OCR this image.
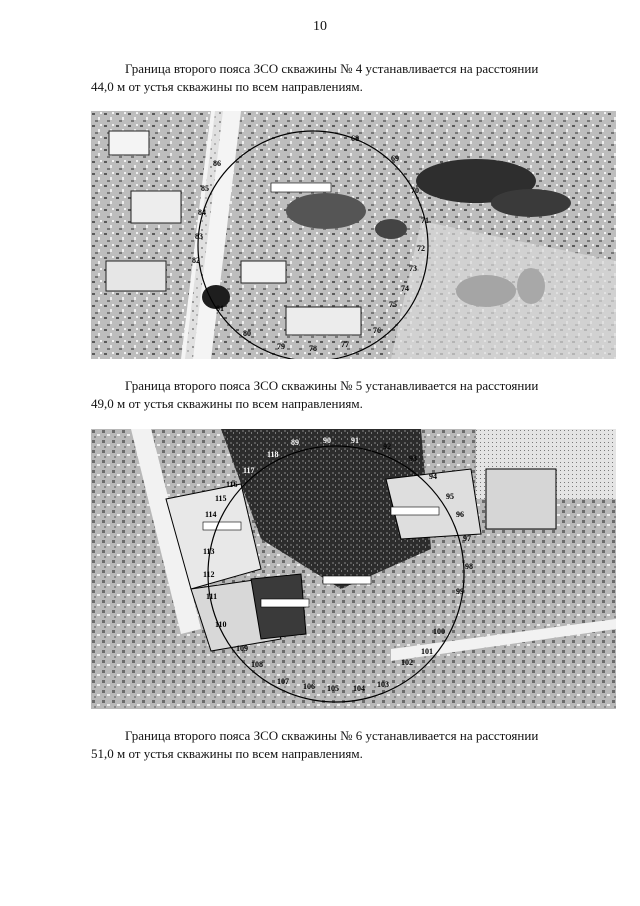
10

Граница второго пояса ЗСО скважины № 4 устанавливается на расстоянии
44,0 м от устья скважины по всем направлениям.

86
85
84
83
82
81
80
79	78	77
76
75
74
73
72
71
70
69
68

Граница второго пояса ЗСО скважины № 5 устанавливается на расстоянии
49,0 м от устья скважины по всем направлениям.

89	90	91
92
93
94
95
96
97
98
99
100
101
102
103
104
105
106
107
108
109
110
111
112
113
114
115
116
117
118

Граница второго пояса ЗСО скважины № 6 устанавливается на расстоянии
51,0 м от устья скважины по всем направлениям.
